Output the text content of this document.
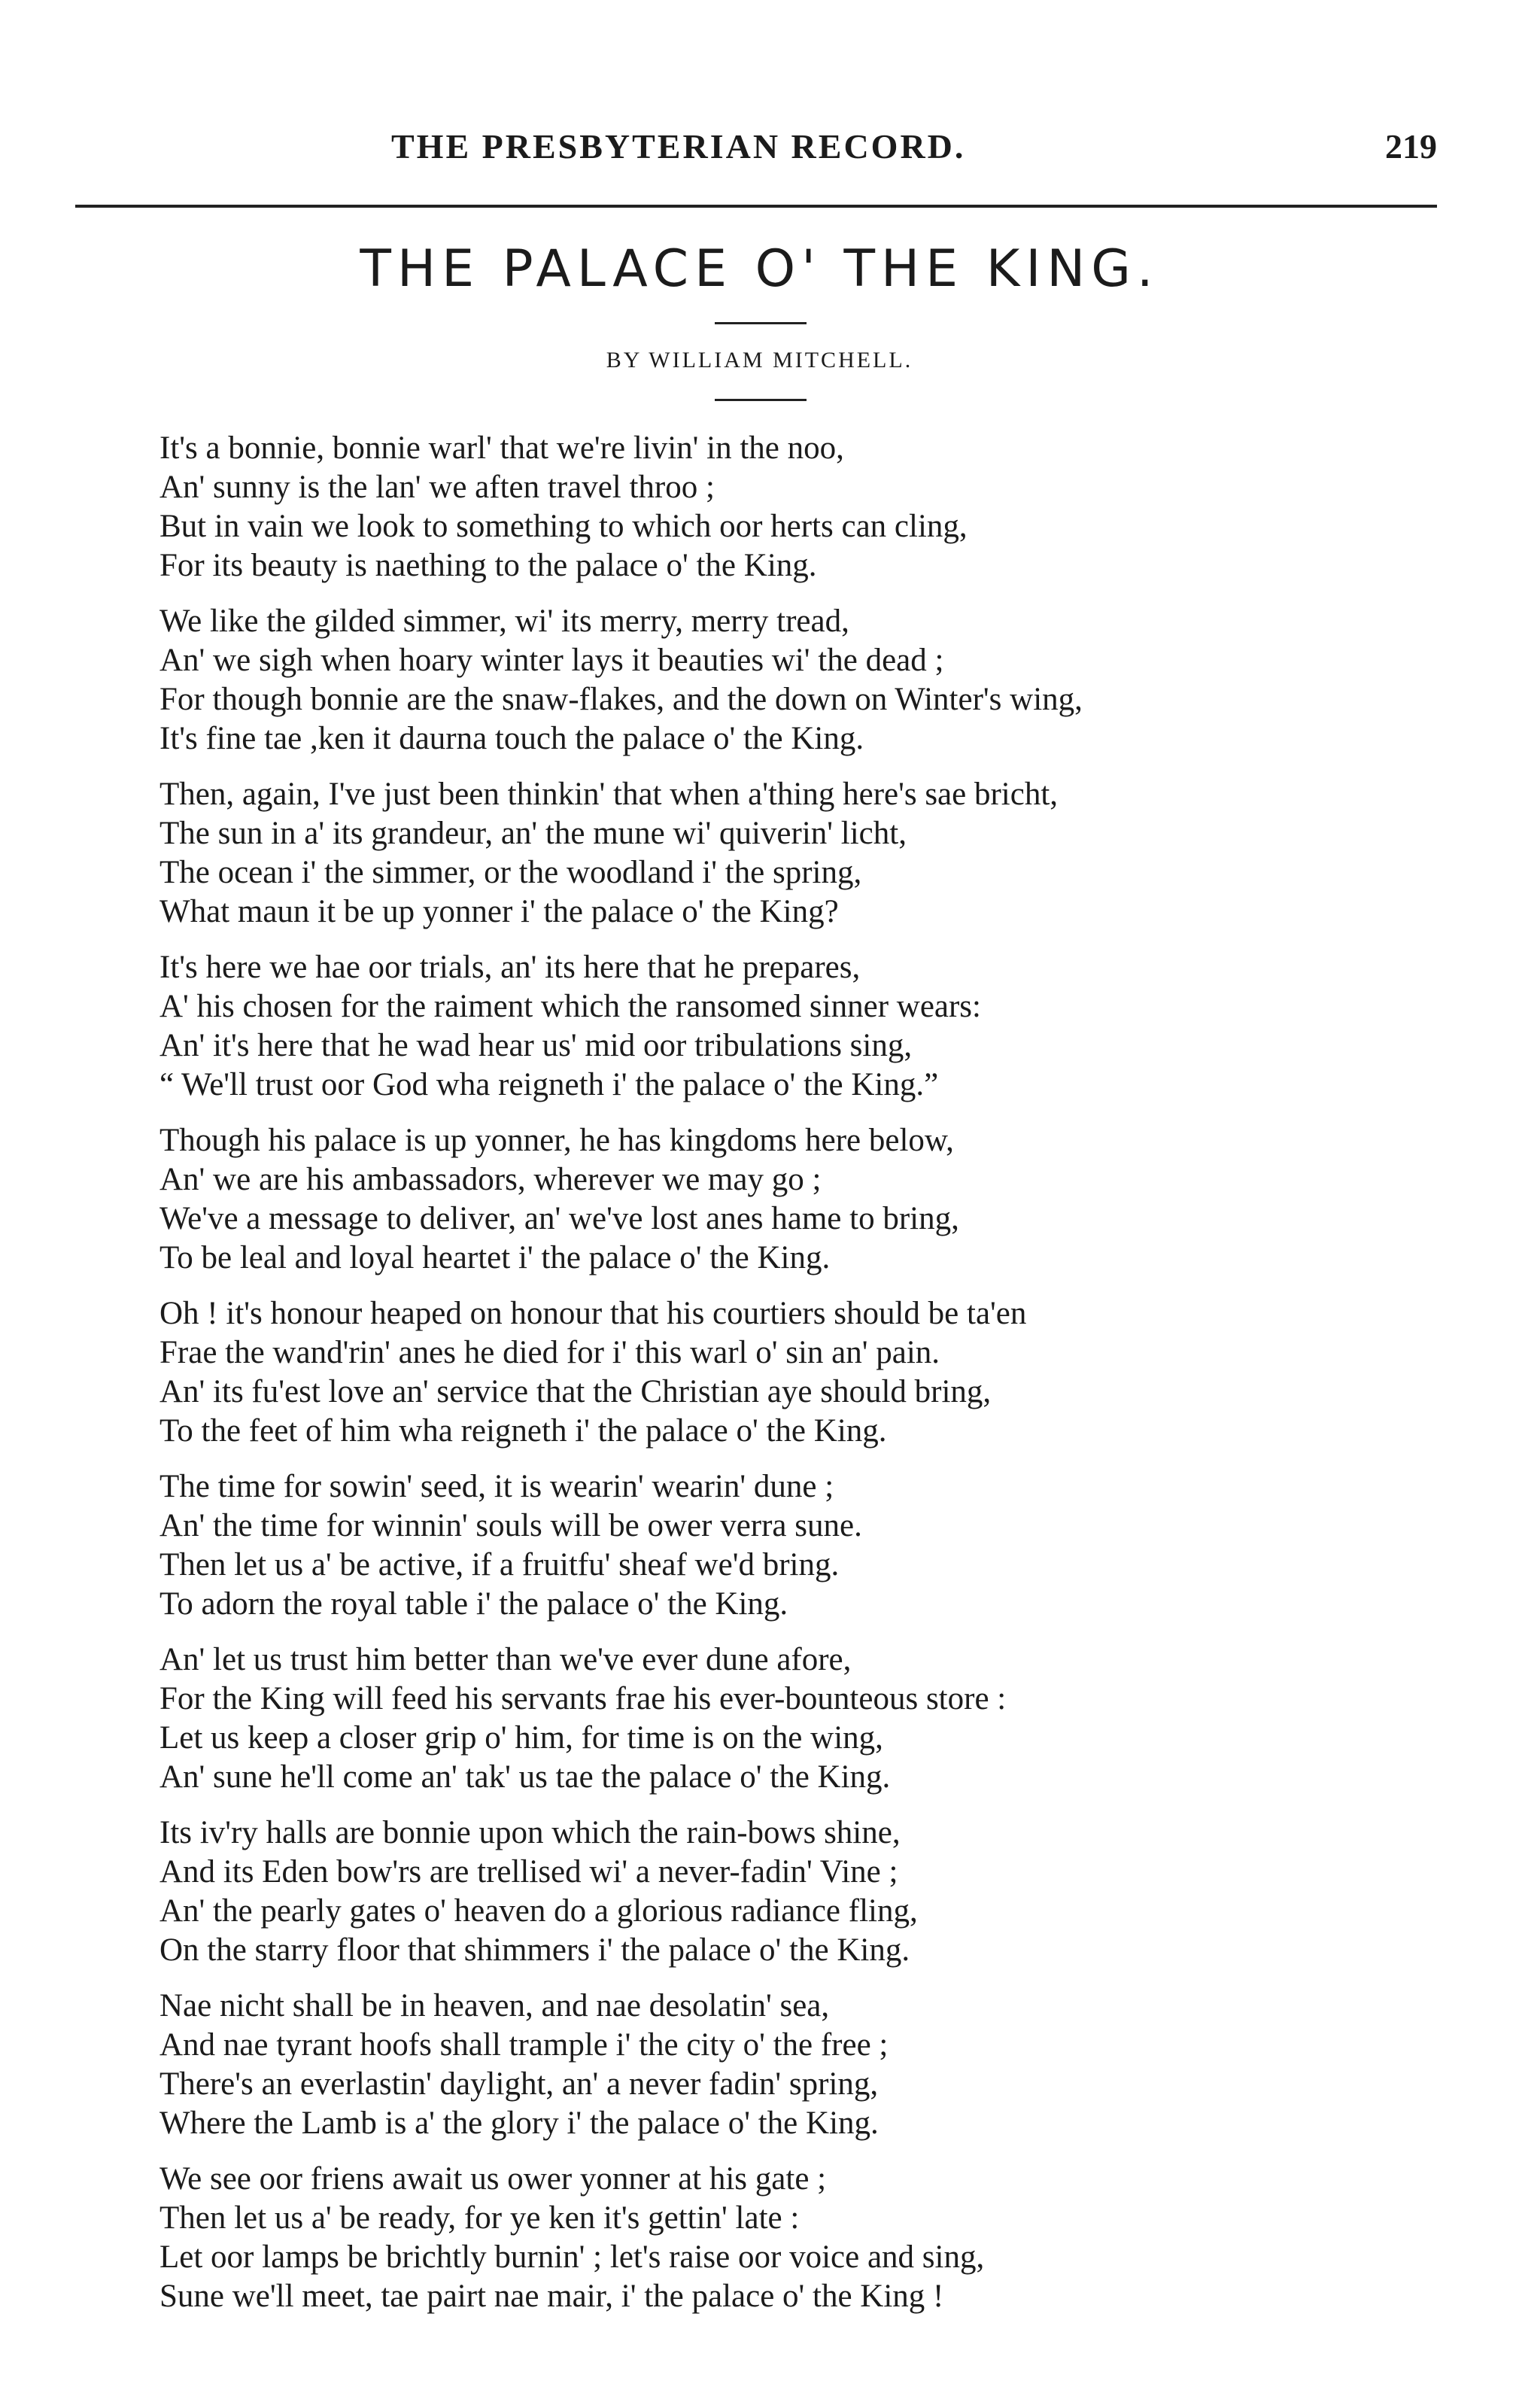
THE PRESBYTERIAN RECORD.	219
THE PALACE O' THE KING.
BY WILLIAM MITCHELL.
It's a bonnie, bonnie warl' that we're livin' in the noo,
An' sunny is the lan' we aften travel throo ;
But in vain we look to something to which oor herts can cling,
For its beauty is naething to the palace o' the King.
We like the gilded simmer, wi' its merry, merry tread,
An' we sigh when hoary winter lays it beauties wi' the dead ;
For though bonnie are the snaw-flakes, and the down on Winter's wing,
It's fine tae ,ken it daurna touch the palace o' the King.
Then, again, I've just been thinkin' that when a'thing here's sae bricht,
The sun in a' its grandeur, an' the mune wi' quiverin' licht,
The ocean i' the simmer, or the woodland i' the spring,
What maun it be up yonner i' the palace o' the King?
It's here we hae oor trials, an' its here that he prepares,
A' his chosen for the raiment which the ransomed sinner wears:
An' it's here that he wad hear us' mid oor tribulations sing,
“ We'll trust oor God wha reigneth i' the palace o' the King.”
Though his palace is up yonner, he has kingdoms here below,
An' we are his ambassadors, wherever we may go ;
We've a message to deliver, an' we've lost anes hame to bring,
To be leal and loyal heartet i' the palace o' the King.
Oh ! it's honour heaped on honour that his courtiers should be ta'en
Frae the wand'rin' anes he died for i' this warl o' sin an' pain.
An' its fu'est love an' service that the Christian aye should bring,
To the feet of him wha reigneth i' the palace o' the King.
The time for sowin' seed, it is wearin' wearin' dune ;
An' the time for winnin' souls will be ower verra sune.
Then let us a' be active, if a fruitfu' sheaf we'd bring.
To adorn the royal table i' the palace o' the King.
An' let us trust him better than we've ever dune afore,
For the King will feed his servants frae his ever-bounteous store :
Let us keep a closer grip o' him, for time is on the wing,
An' sune he'll come an' tak' us tae the palace o' the King.
Its iv'ry halls are bonnie upon which the rain-bows shine,
And its Eden bow'rs are trellised wi' a never-fadin' Vine ;
An' the pearly gates o' heaven do a glorious radiance fling,
On the starry floor that shimmers i' the palace o' the King.
Nae nicht shall be in heaven, and nae desolatin' sea,
And nae tyrant hoofs shall trample i' the city o' the free ;
There's an everlastin' daylight, an' a never fadin' spring,
Where the Lamb is a' the glory i' the palace o' the King.
We see oor friens await us ower yonner at his gate ;
Then let us a' be ready, for ye ken it's gettin' late :
Let oor lamps be brichtly burnin' ; let's raise oor voice and sing,
Sune we'll meet, tae pairt nae mair, i' the palace o' the King !
